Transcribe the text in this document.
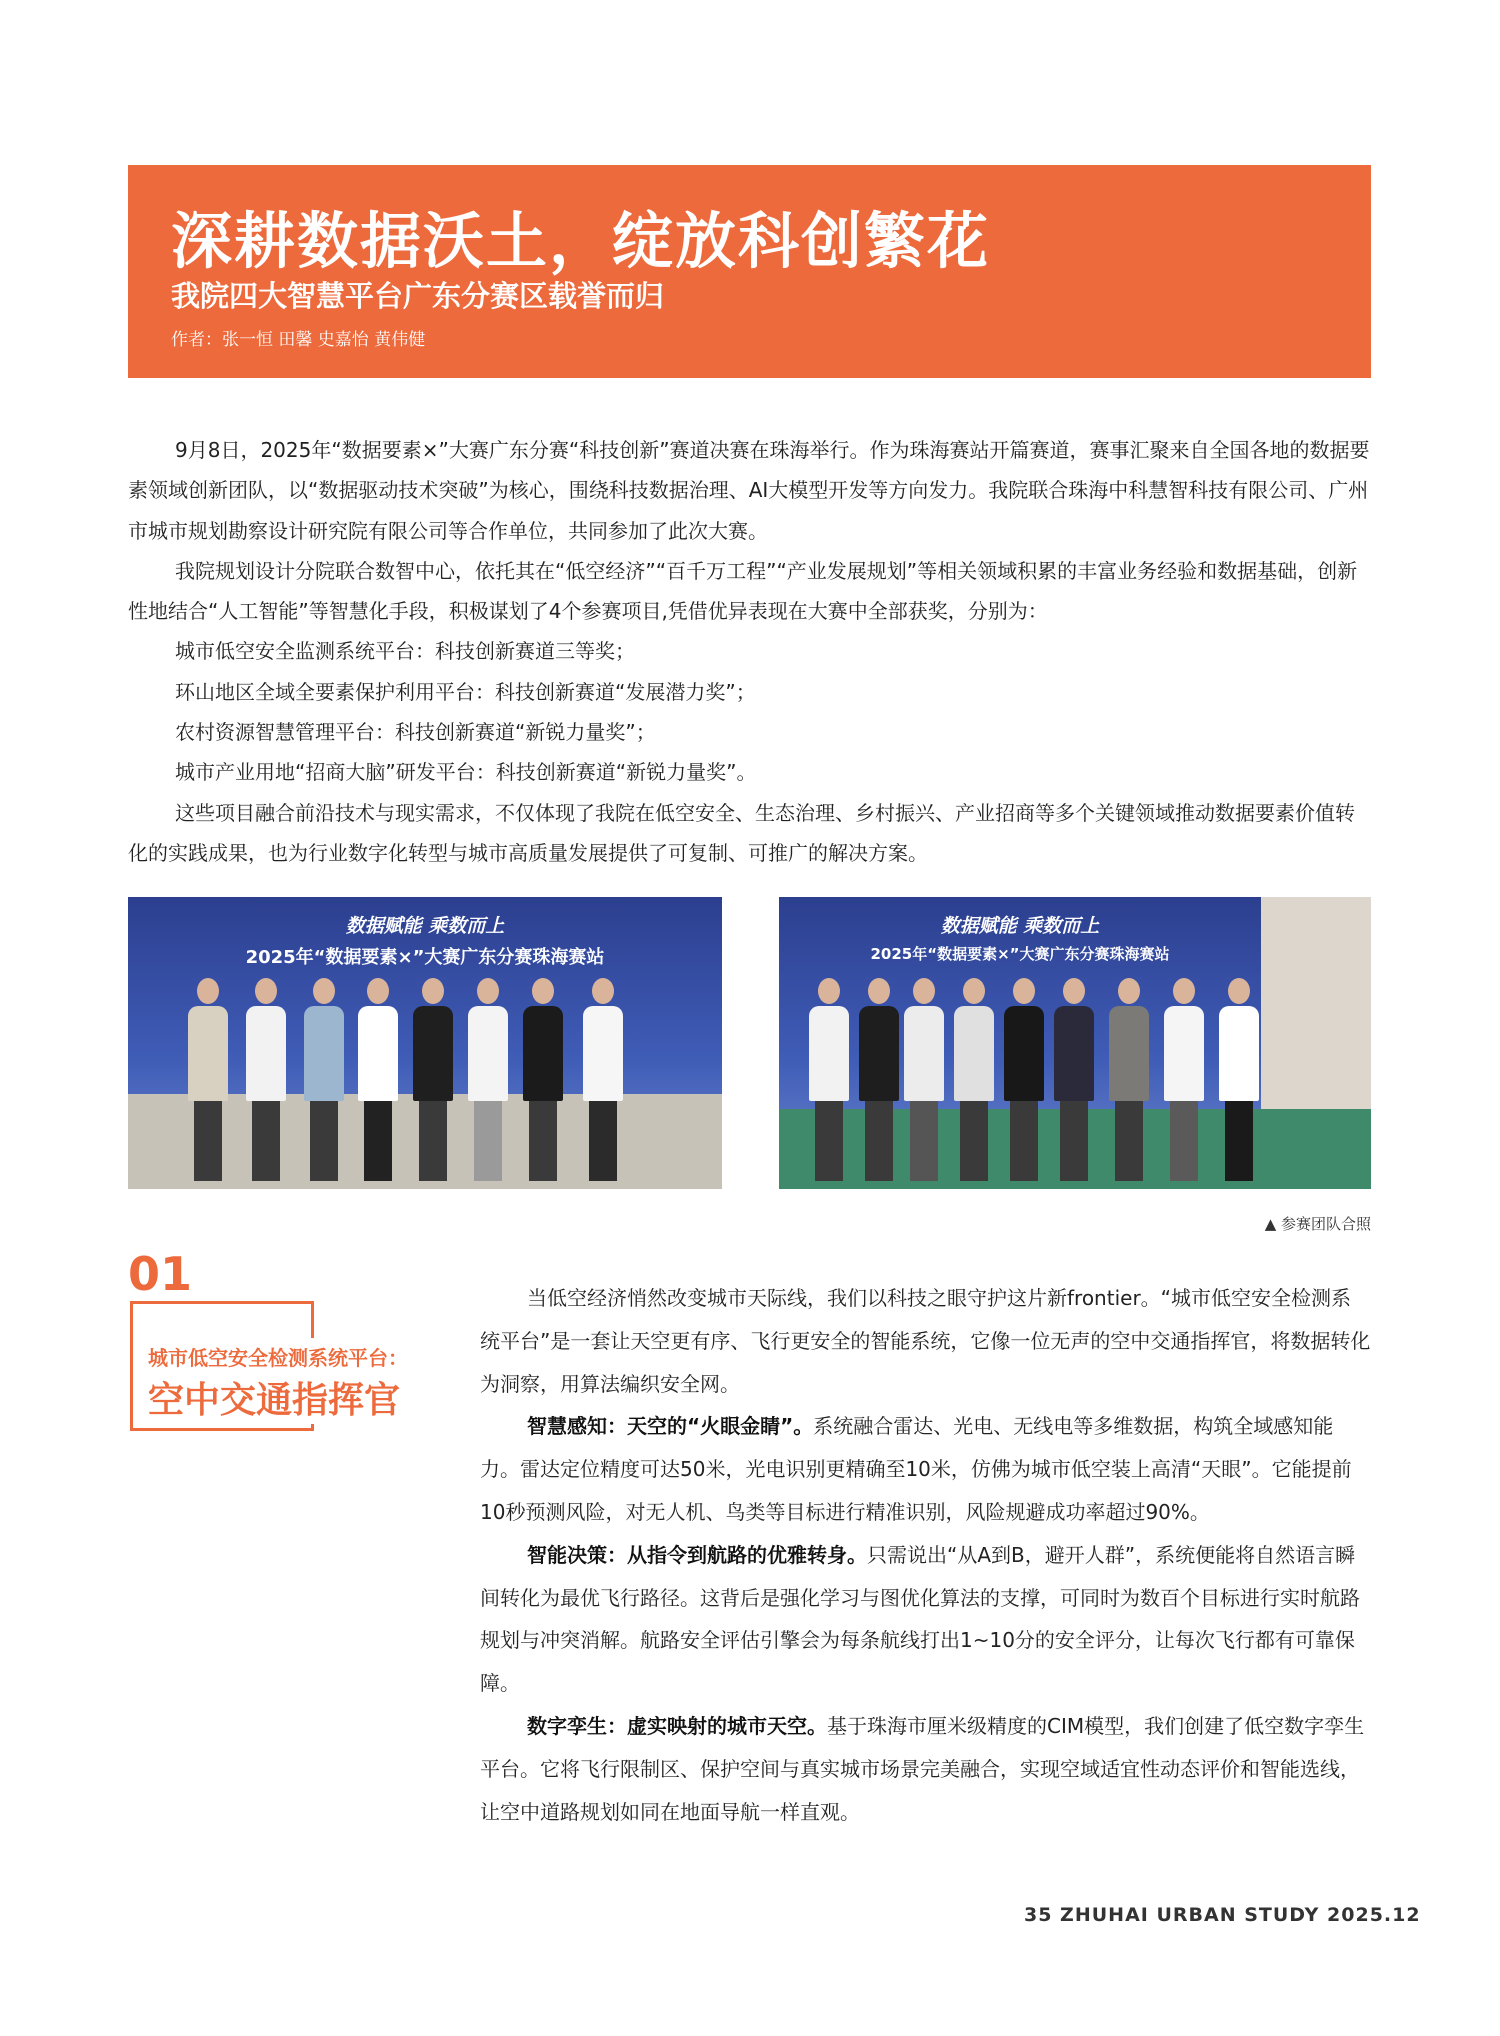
深耕数据沃土，绽放科创繁花
我院四大智慧平台广东分赛区载誉而归
作者：张一恒 田馨 史嘉怡 黄伟健

9月8日，2025年“数据要素×”大赛广东分赛“科技创新”赛道决赛在珠海举行。作为珠海赛站开篇赛道，赛事汇聚来自全国各地的数据要素领域创新团队，以“数据驱动技术突破”为核心，围绕科技数据治理、AI大模型开发等方向发力。我院联合珠海中科慧智科技有限公司、广州市城市规划勘察设计研究院有限公司等合作单位，共同参加了此次大赛。

我院规划设计分院联合数智中心，依托其在“低空经济”“百千万工程”“产业发展规划”等相关领域积累的丰富业务经验和数据基础，创新性地结合“人工智能”等智慧化手段，积极谋划了4个参赛项目,凭借优异表现在大赛中全部获奖，分别为：

城市低空安全监测系统平台：科技创新赛道三等奖；

环山地区全域全要素保护利用平台：科技创新赛道“发展潜力奖”；

农村资源智慧管理平台：科技创新赛道“新锐力量奖”；

城市产业用地“招商大脑”研发平台：科技创新赛道“新锐力量奖”。

这些项目融合前沿技术与现实需求，不仅体现了我院在低空安全、生态治理、乡村振兴、产业招商等多个关键领域推动数据要素价值转化的实践成果，也为行业数字化转型与城市高质量发展提供了可复制、可推广的解决方案。

数据赋能 乘数而上
2025年“数据要素×”大赛广东分赛珠海赛站
数据赋能 乘数而上
2025年“数据要素×”大赛广东分赛珠海赛站
▲ 参赛团队合照
01
城市低空安全检测系统平台：
空中交通指挥官

当低空经济悄然改变城市天际线，我们以科技之眼守护这片新frontier。“城市低空安全检测系统平台”是一套让天空更有序、飞行更安全的智能系统，它像一位无声的空中交通指挥官，将数据转化为洞察，用算法编织安全网。

智慧感知：天空的“火眼金睛”。系统融合雷达、光电、无线电等多维数据，构筑全域感知能力。雷达定位精度可达50米，光电识别更精确至10米，仿佛为城市低空装上高清“天眼”。它能提前10秒预测风险，对无人机、鸟类等目标进行精准识别，风险规避成功率超过90%。

智能决策：从指令到航路的优雅转身。只需说出“从A到B，避开人群”，系统便能将自然语言瞬间转化为最优飞行路径。这背后是强化学习与图优化算法的支撑，可同时为数百个目标进行实时航路规划与冲突消解。航路安全评估引擎会为每条航线打出1~10分的安全评分，让每次飞行都有可靠保障。

数字孪生：虚实映射的城市天空。基于珠海市厘米级精度的CIM模型，我们创建了低空数字孪生平台。它将飞行限制区、保护空间与真实城市场景完美融合，实现空域适宜性动态评价和智能选线，让空中道路规划如同在地面导航一样直观。

35 ZHUHAI URBAN STUDY 2025.12
